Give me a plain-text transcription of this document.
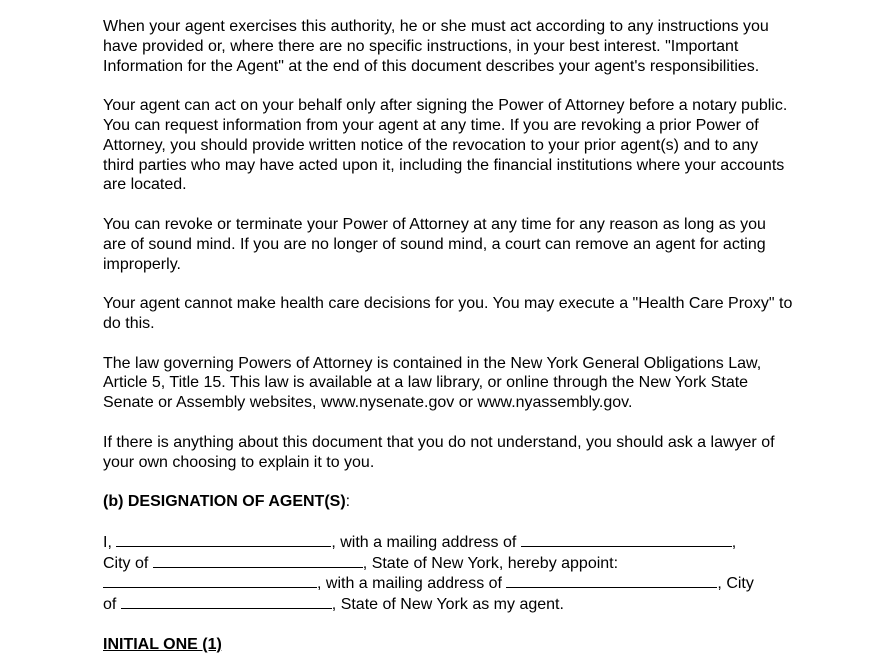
When your agent exercises this authority, he or she must act according to any instructions you have provided or, where there are no specific instructions, in your best interest. "Important Information for the Agent" at the end of this document describes your agent's responsibilities.

Your agent can act on your behalf only after signing the Power of Attorney before a notary public. You can request information from your agent at any time. If you are revoking a prior Power of Attorney, you should provide written notice of the revocation to your prior agent(s) and to any third parties who may have acted upon it, including the financial institutions where your accounts are located.

You can revoke or terminate your Power of Attorney at any time for any reason as long as you are of sound mind. If you are no longer of sound mind, a court can remove an agent for acting improperly.

Your agent cannot make health care decisions for you. You may execute a "Health Care Proxy" to do this.

The law governing Powers of Attorney is contained in the New York General Obligations Law, Article 5, Title 15. This law is available at a law library, or online through the New York State Senate or Assembly websites, www.nysenate.gov or www.nyassembly.gov.

If there is anything about this document that you do not understand, you should ask a lawyer of your own choosing to explain it to you.

(b) DESIGNATION OF AGENT(S):

I,	, with a mailing address of	,
City of	, State of New York, hereby appoint:
, with a mailing address of	, City
of	, State of New York as my agent.
INITIAL ONE (1)
